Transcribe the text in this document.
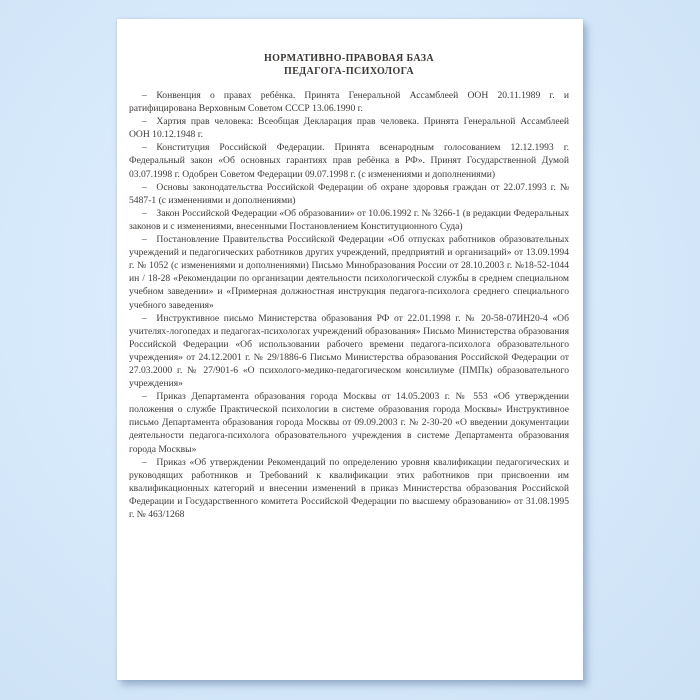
НОРМАТИВНО-ПРАВОВАЯ БАЗА
ПЕДАГОГА-ПСИХОЛОГА

– Конвенция о правах ребёнка. Принята Генеральной Ассамблеей ООН 20.11.1989 г. и ратифицирована Верховным Советом СССР 13.06.1990 г.

– Хартия прав человека: Всеобщая Декларация прав человека. Принята Генеральной Ассамблеей ООН 10.12.1948 г.

– Конституция Российской Федерации. Принята всенародным голосованием 12.12.1993 г. Федеральный закон «Об основных гарантиях прав ребёнка в РФ». Принят Государственной Думой 03.07.1998 г. Одобрен Советом Федерации 09.07.1998 г. (с изменениями и дополнениями)

– Основы законодательства Российской Федерации об охране здоровья граждан от 22.07.1993 г. № 5487-1 (с изменениями и дополнениями)

– Закон Российской Федерации «Об образовании» от 10.06.1992 г. № 3266-1 (в редакции Федеральных законов и с изменениями, внесенными Постановлением Конституционного Суда)

– Постановление Правительства Российской Федерации «Об отпусках работников образовательных учреждений и педагогических работников других учреждений, предприятий и организаций» от 13.09.1994 г. № 1052 (с изменениями и дополнениями) Письмо Минобразования России от 28.10.2003 г. №18-52-1044 ин / 18-28 «Рекомендации по организации деятельности психологической службы в среднем специальном учебном заведении» и «Примерная должностная инструкция педагога-психолога среднего специального учебного заведения»

– Инструктивное письмо Министерства образования РФ от 22.01.1998 г. № 20-58-07ИН20-4 «Об учителях-логопедах и педагогах-психологах учреждений образования» Письмо Министерства образования Российской Федерации «Об использовании рабочего времени педагога-психолога образовательного учреждения» от 24.12.2001 г. № 29/1886-6 Письмо Министерства образования Российской Федерации от 27.03.2000 г. № 27/901-6 «О психолого-медико-педагогическом консилиуме (ПМПк) образовательного учреждения»

– Приказ Департамента образования города Москвы от 14.05.2003 г. № 553 «Об утверждении положения о службе Практической психологии в системе образования города Москвы» Инструктивное письмо Департамента образования города Москвы от 09.09.2003 г. № 2-30-20 «О введении документации деятельности педагога-психолога образовательного учреждения в системе Департамента образования города Москвы»

– Приказ «Об утверждении Рекомендаций по определению уровня квалификации педагогических и руководящих работников и Требований к квалификации этих работников при присвоении им квалификационных категорий и внесении изменений в приказ Министерства образования Российской Федерации и Государственного комитета Российской Федерации по высшему образованию» от 31.08.1995 г. № 463/1268
